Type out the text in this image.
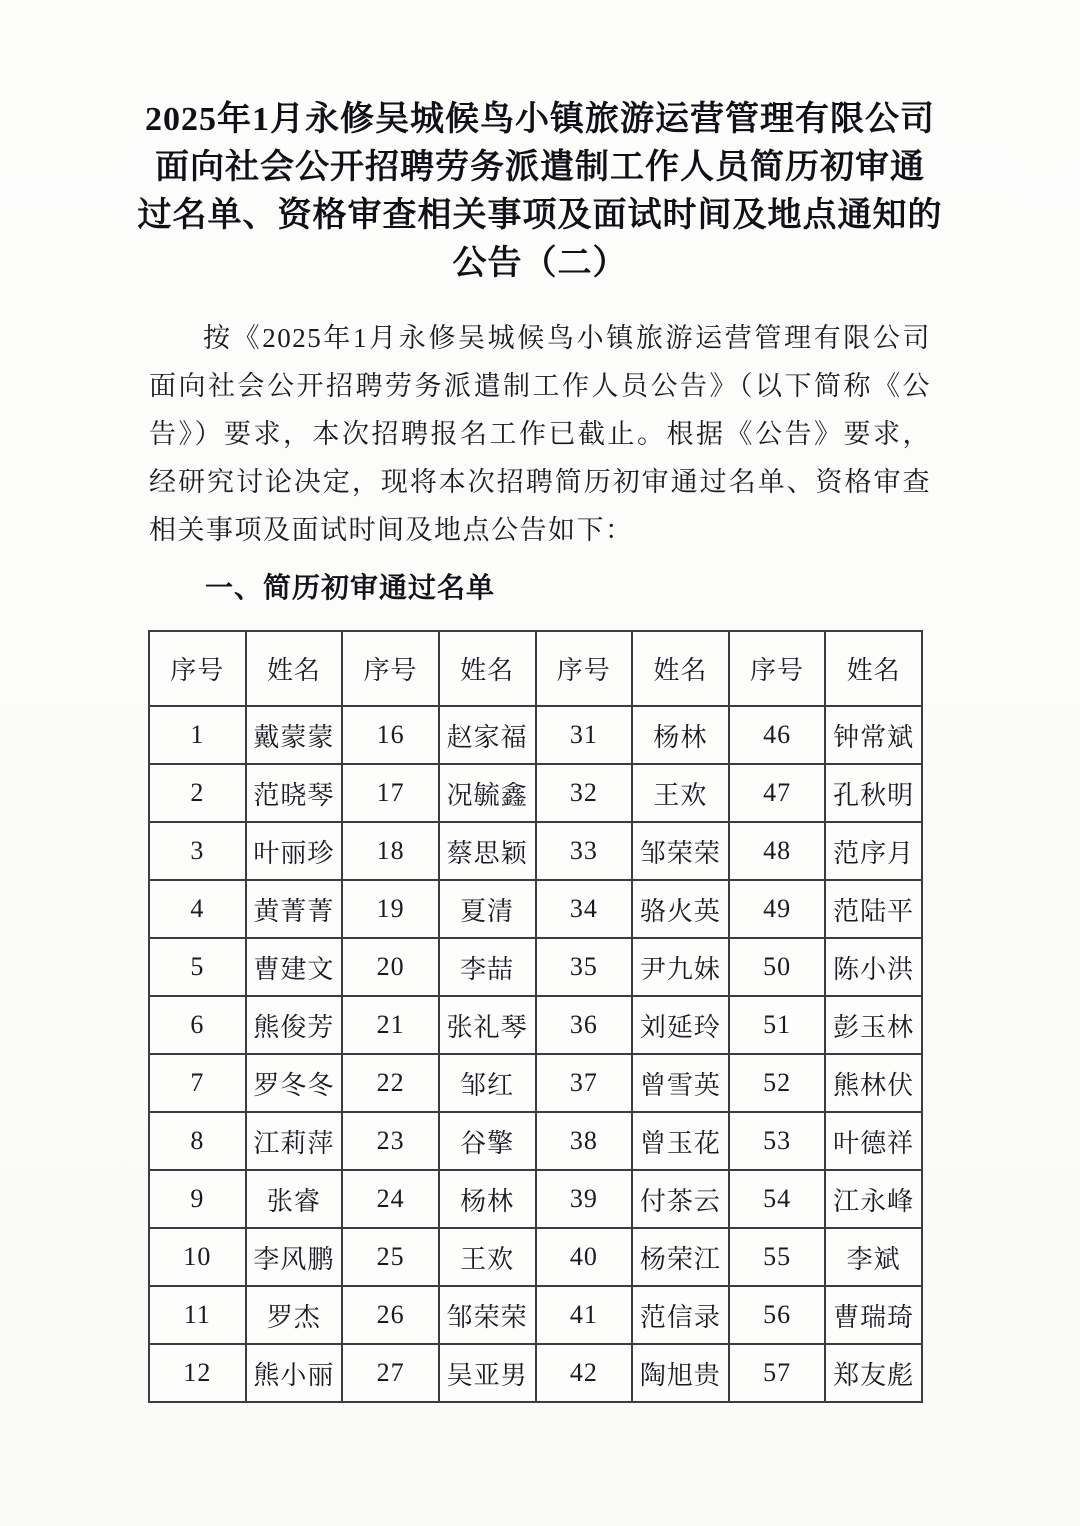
2025年1月永修吴城候鸟小镇旅游运营管理有限公司
面向社会公开招聘劳务派遣制工作人员简历初审通
过名单、资格审查相关事项及面试时间及地点通知的
公告（二）

按《2025年1月永修吴城候鸟小镇旅游运营管理有限公司面向社会公开招聘劳务派遣制工作人员公告》（以下简称《公告》）要求，本次招聘报名工作已截止。根据《公告》要求，经研究讨论决定，现将本次招聘简历初审通过名单、资格审查相关事项及面试时间及地点公告如下：

一、简历初审通过名单
序号	姓名	序号	姓名	序号	姓名	序号	姓名
1	戴蒙蒙	16	赵家福	31	杨林	46	钟常斌
2	范晓琴	17	况毓鑫	32	王欢	47	孔秋明
3	叶丽珍	18	蔡思颖	33	邹荣荣	48	范序月
4	黄菁菁	19	夏清	34	骆火英	49	范陆平
5	曹建文	20	李喆	35	尹九妹	50	陈小洪
6	熊俊芳	21	张礼琴	36	刘延玲	51	彭玉林
7	罗冬冬	22	邹红	37	曾雪英	52	熊林伏
8	江莉萍	23	谷擎	38	曾玉花	53	叶德祥
9	张睿	24	杨林	39	付茶云	54	江永峰
10	李风鹏	25	王欢	40	杨荣江	55	李斌
11	罗杰	26	邹荣荣	41	范信录	56	曹瑞琦
12	熊小丽	27	吴亚男	42	陶旭贵	57	郑友彪
